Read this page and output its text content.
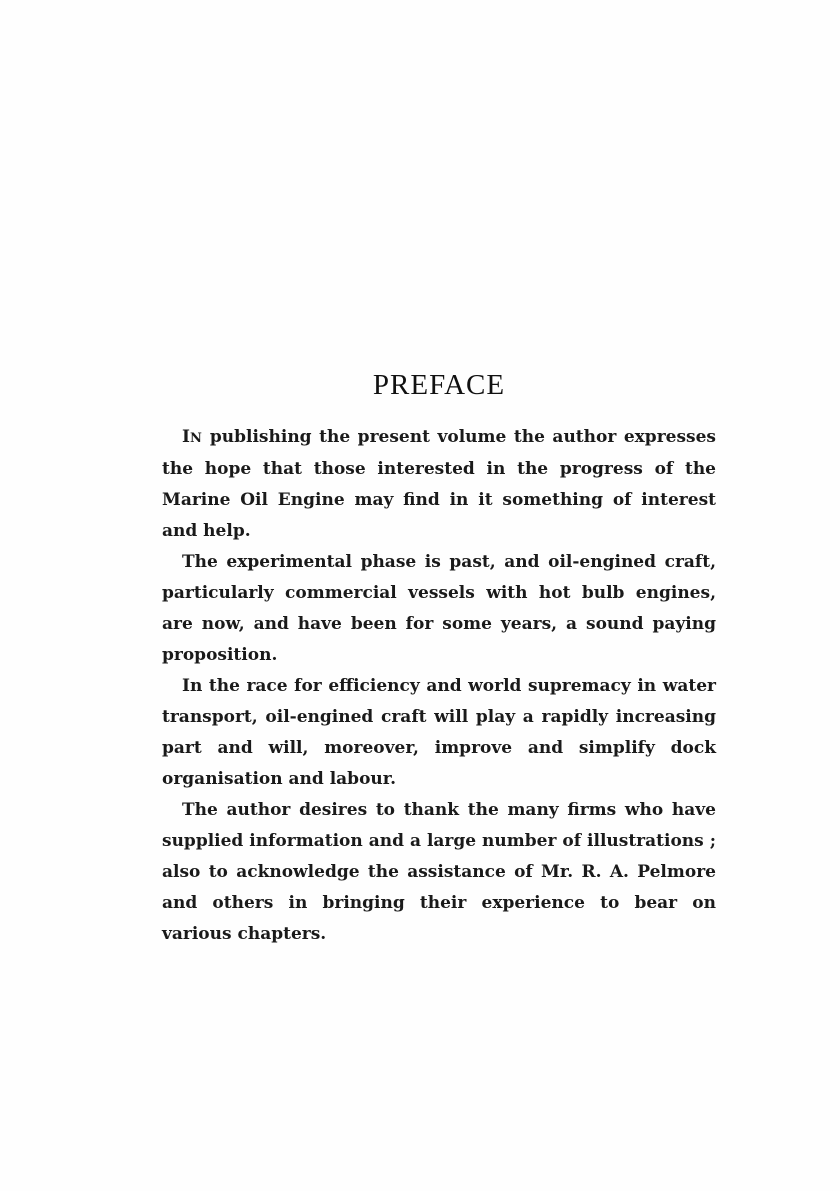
PREFACE

IN publishing the present volume the author expresses the hope that those interested in the progress of the Marine Oil Engine may find in it something of interest and help.

The experimental phase is past, and oil-engined craft, particularly commercial vessels with hot bulb engines, are now, and have been for some years, a sound paying proposition.

In the race for efficiency and world supremacy in water transport, oil-engined craft will play a rapidly increasing part and will, moreover, improve and simplify dock organisation and labour.

The author desires to thank the many firms who have supplied information and a large number of illustrations ; also to acknowledge the assistance of Mr. R. A. Pelmore and others in bringing their experience to bear on various chapters.
